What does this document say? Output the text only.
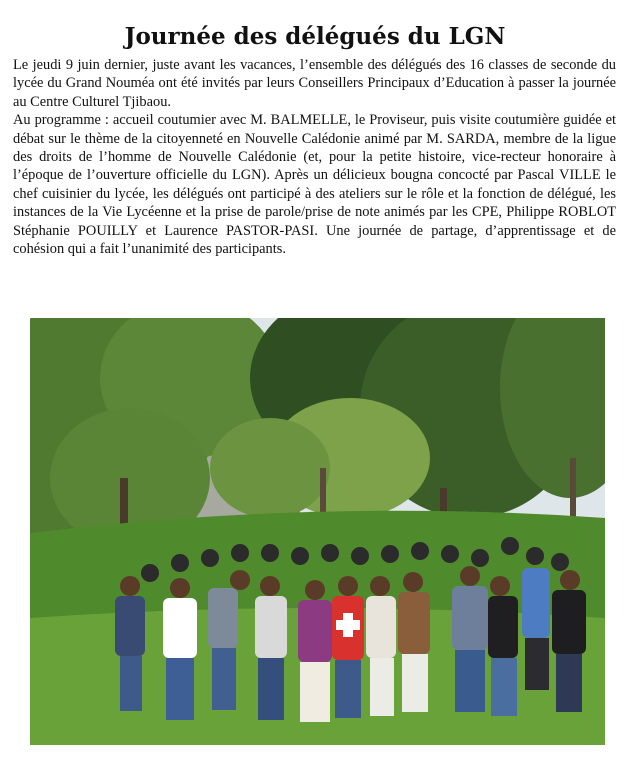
Journée des délégués du LGN

Le jeudi 9 juin dernier, juste avant les vacances, l’ensemble des délégués des 16 classes de seconde du lycée du Grand Nouméa ont été invités par leurs Conseillers Principaux d’Education à passer la journée au Centre Culturel Tjibaou.

Au programme : accueil coutumier avec M. BALMELLE, le Proviseur, puis visite coutumière guidée et débat sur le thème de la citoyenneté en Nouvelle Calédonie animé par M. SARDA, membre de la ligue des droits de l’homme de Nouvelle Calédonie (et, pour la petite histoire, vice-recteur honoraire à l’époque de l’ouverture officielle du LGN). Après un délicieux bougna concocté par Pascal VILLE le chef cuisinier du lycée, les délégués ont participé à des ateliers sur le rôle et la fonction de délégué, les instances de la Vie Lycéenne et la prise de parole/prise de note animés par les CPE, Philippe ROBLOT Stéphanie POUILLY et Laurence PASTOR-PASI. Une journée de partage, d’apprentissage et de cohésion qui a fait l’unanimité des participants.
